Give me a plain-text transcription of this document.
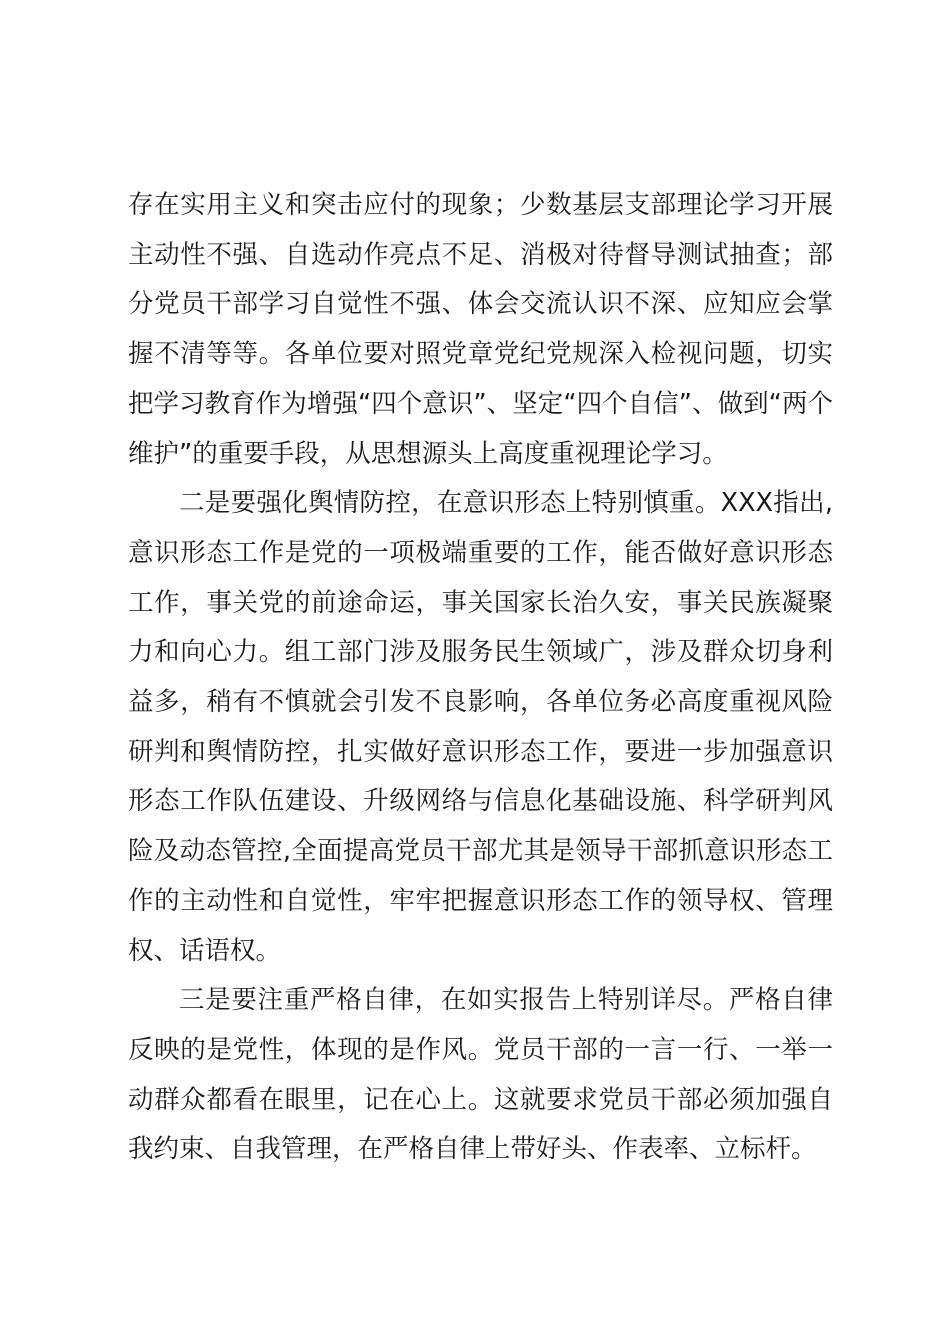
存在实用主义和突击应付的现象；少数基层支部理论学习开展主动性不强、自选动作亮点不足、消极对待督导测试抽查；部分党员干部学习自觉性不强、体会交流认识不深、应知应会掌握不清等等。各单位要对照党章党纪党规深入检视问题，切实把学习教育作为增强“四个意识”、坚定“四个自信”、做到“两个维护”的重要手段，从思想源头上高度重视理论学习。

二是要强化舆情防控，在意识形态上特别慎重。XXX指出,意识形态工作是党的一项极端重要的工作，能否做好意识形态工作，事关党的前途命运，事关国家长治久安，事关民族凝聚力和向心力。组工部门涉及服务民生领域广，涉及群众切身利益多，稍有不慎就会引发不良影响，各单位务必高度重视风险研判和舆情防控，扎实做好意识形态工作，要进一步加强意识形态工作队伍建设、升级网络与信息化基础设施、科学研判风险及动态管控,全面提高党员干部尤其是领导干部抓意识形态工作的主动性和自觉性，牢牢把握意识形态工作的领导权、管理权、话语权。

三是要注重严格自律，在如实报告上特别详尽。严格自律反映的是党性，体现的是作风。党员干部的一言一行、一举一动群众都看在眼里，记在心上。这就要求党员干部必须加强自我约束、自我管理，在严格自律上带好头、作表率、立标杆。
